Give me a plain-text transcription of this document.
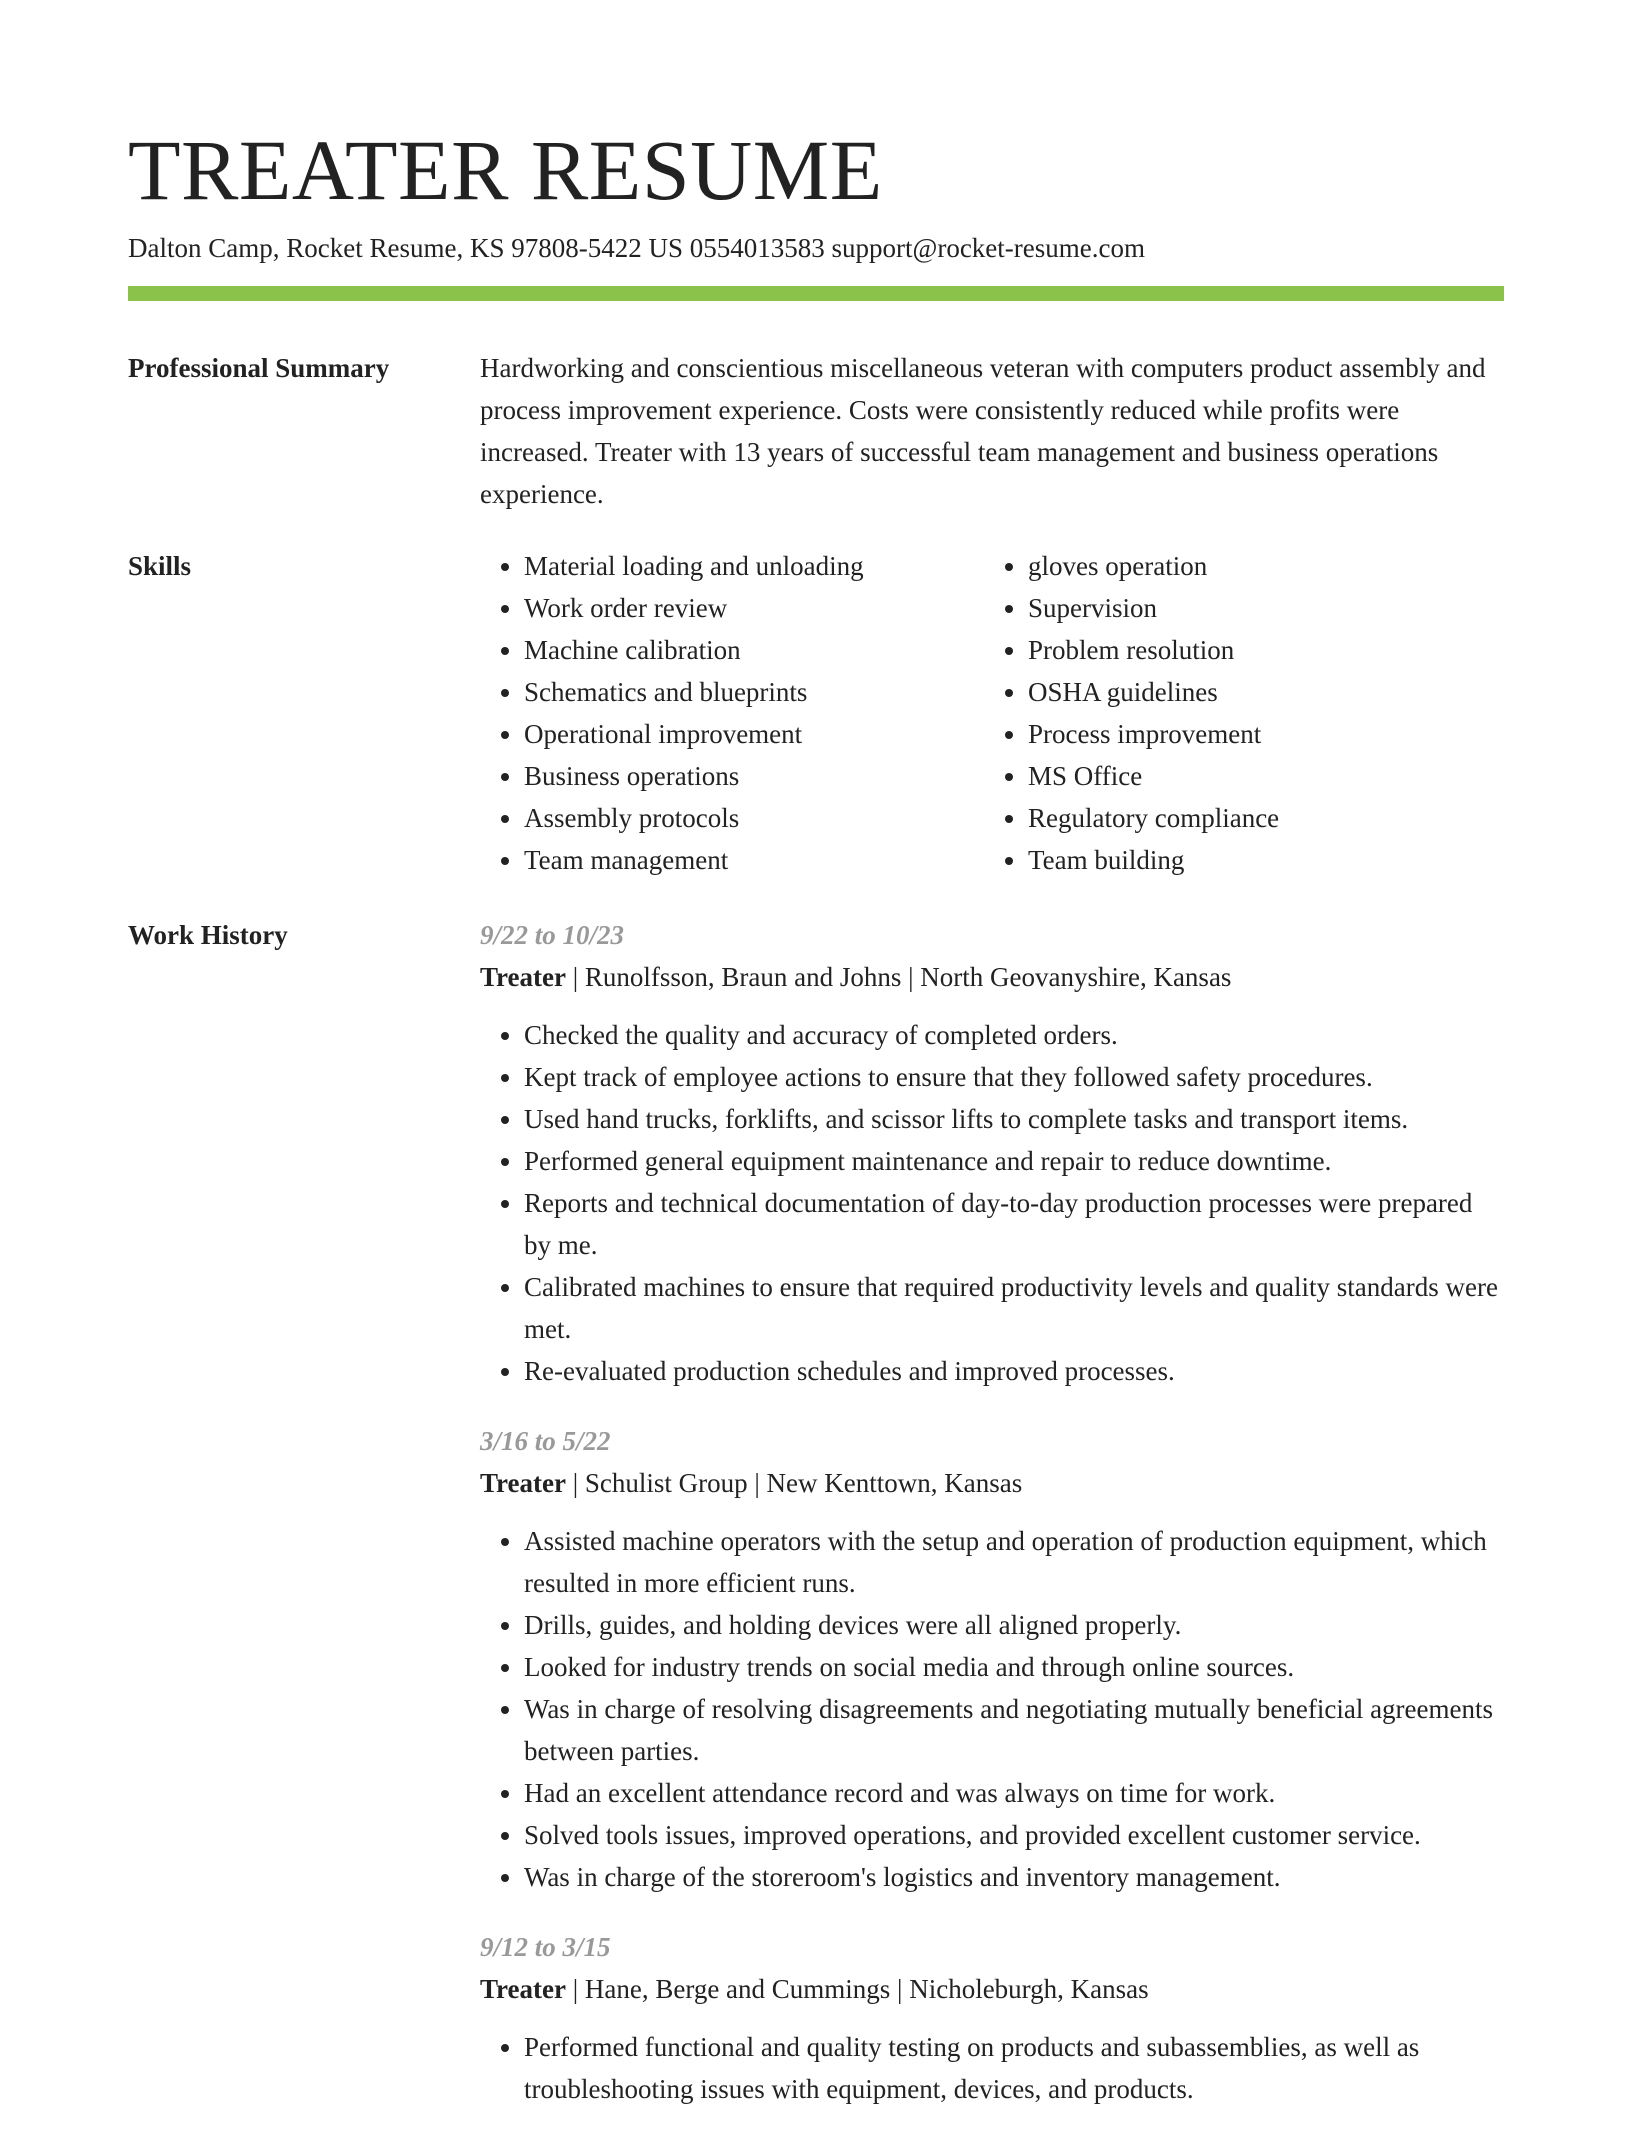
TREATER RESUME
Dalton Camp, Rocket Resume, KS 97808-5422 US 0554013583 support@rocket-resume.com
Professional Summary	Hardworking and conscientious miscellaneous veteran with computers product assembly and process improvement experience. Costs were consistently reduced while profits were increased. Treater with 13 years of successful team management and business operations experience.

Skills
•	Material loading and unloading
• Work order review
• Machine calibration
• Schematics and blueprints
• Operational improvement
• Business operations
• Assembly protocols
• Team management
• gloves operation
• Supervision
• Problem resolution
• OSHA guidelines
• Process improvement
• MS Office
• Regulatory compliance
• Team building
Work History	9/22 to 10/23
Treater | Runolfsson, Braun and Johns | North Geovanyshire, Kansas
• Checked the quality and accuracy of completed orders.
• Kept track of employee actions to ensure that they followed safety procedures.
• Used hand trucks, forklifts, and scissor lifts to complete tasks and transport items.
• Performed general equipment maintenance and repair to reduce downtime.
• Reports and technical documentation of day-to-day production processes were prepared by me.
• Calibrated machines to ensure that required productivity levels and quality standards were met.
• Re-evaluated production schedules and improved processes.
3/16 to 5/22
Treater | Schulist Group | New Kenttown, Kansas
• Assisted machine operators with the setup and operation of production equipment, which resulted in more efficient runs.
• Drills, guides, and holding devices were all aligned properly.
• Looked for industry trends on social media and through online sources.
• Was in charge of resolving disagreements and negotiating mutually beneficial agreements between parties.
• Had an excellent attendance record and was always on time for work.
• Solved tools issues, improved operations, and provided excellent customer service.
• Was in charge of the storeroom's logistics and inventory management.
9/12 to 3/15
Treater | Hane, Berge and Cummings | Nicholeburgh, Kansas
• Performed functional and quality testing on products and subassemblies, as well as troubleshooting issues with equipment, devices, and products.
